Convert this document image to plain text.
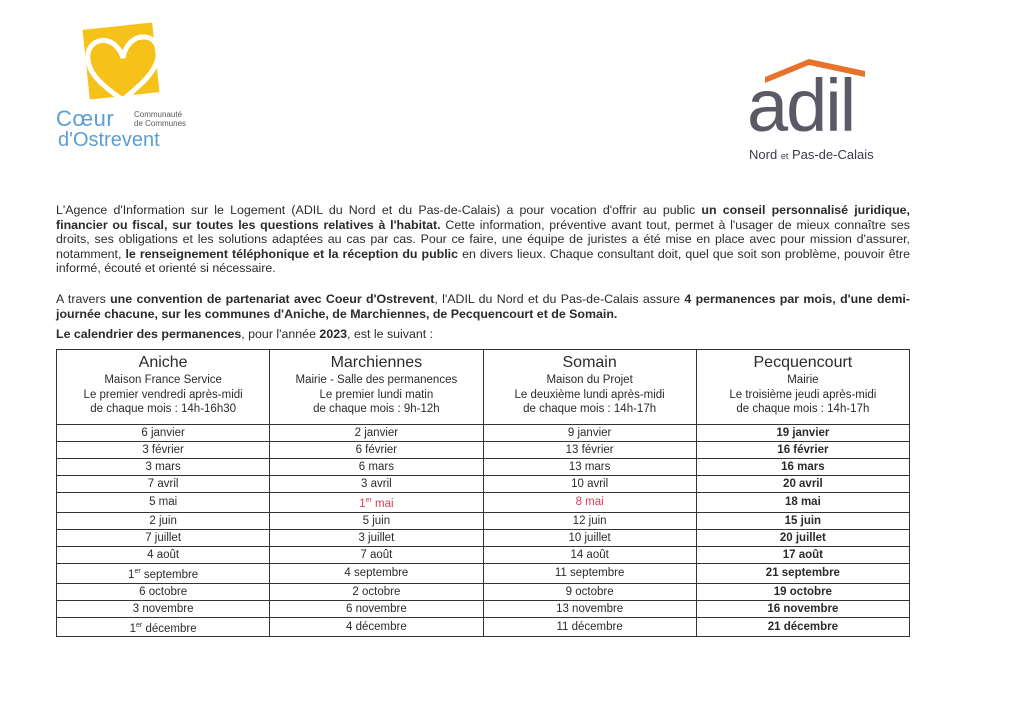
Cœur Communauté
de Communes
d'Ostrevent	adil
Nord et Pas-de-Calais
L'Agence d'Information sur le Logement (ADIL du Nord et du Pas-de-Calais) a pour vocation d'offrir au public un conseil personnalisé juridique, financier ou fiscal, sur toutes les questions relatives à l'habitat. Cette information, préventive avant tout, permet à l'usager de mieux connaître ses droits, ses obligations et les solutions adaptées au cas par cas. Pour ce faire, une équipe de juristes a été mise en place avec pour mission d'assurer, notamment, le renseignement téléphonique et la réception du public en divers lieux. Chaque consultant doit, quel que soit son problème, pouvoir être informé, écouté et orienté si nécessaire.
A travers une convention de partenariat avec Coeur d'Ostrevent, l'ADIL du Nord et du Pas-de-Calais assure 4 permanences par mois, d'une demi-journée chacune, sur les communes d'Aniche, de Marchiennes, de Pecquencourt et de Somain.
Le calendrier des permanences, pour l'année 2023, est le suivant :
Aniche
Maison France Service
Le premier vendredi après-midi
de chaque mois : 14h-16h30	Marchiennes
Mairie - Salle des permanences
Le premier lundi matin
de chaque mois : 9h-12h	Somain
Maison du Projet
Le deuxième lundi après-midi
de chaque mois : 14h-17h	Pecquencourt
Mairie
Le troisième jeudi après-midi
de chaque mois : 14h-17h

6 janvier	2 janvier	9 janvier	19 janvier
3 février	6 février	13 février	16 février
3 mars	6 mars	13 mars	16 mars
7 avril	3 avril	10 avril	20 avril
5 mai	1er mai	8 mai	18 mai
2 juin	5 juin	12 juin	15 juin
7 juillet	3 juillet	10 juillet	20 juillet
4 août	7 août	14 août	17 août
1er septembre	4 septembre	11 septembre	21 septembre
6 octobre	2 octobre	9 octobre	19 octobre
3 novembre	6 novembre	13 novembre	16 novembre
1er décembre	4 décembre	11 décembre	21 décembre
